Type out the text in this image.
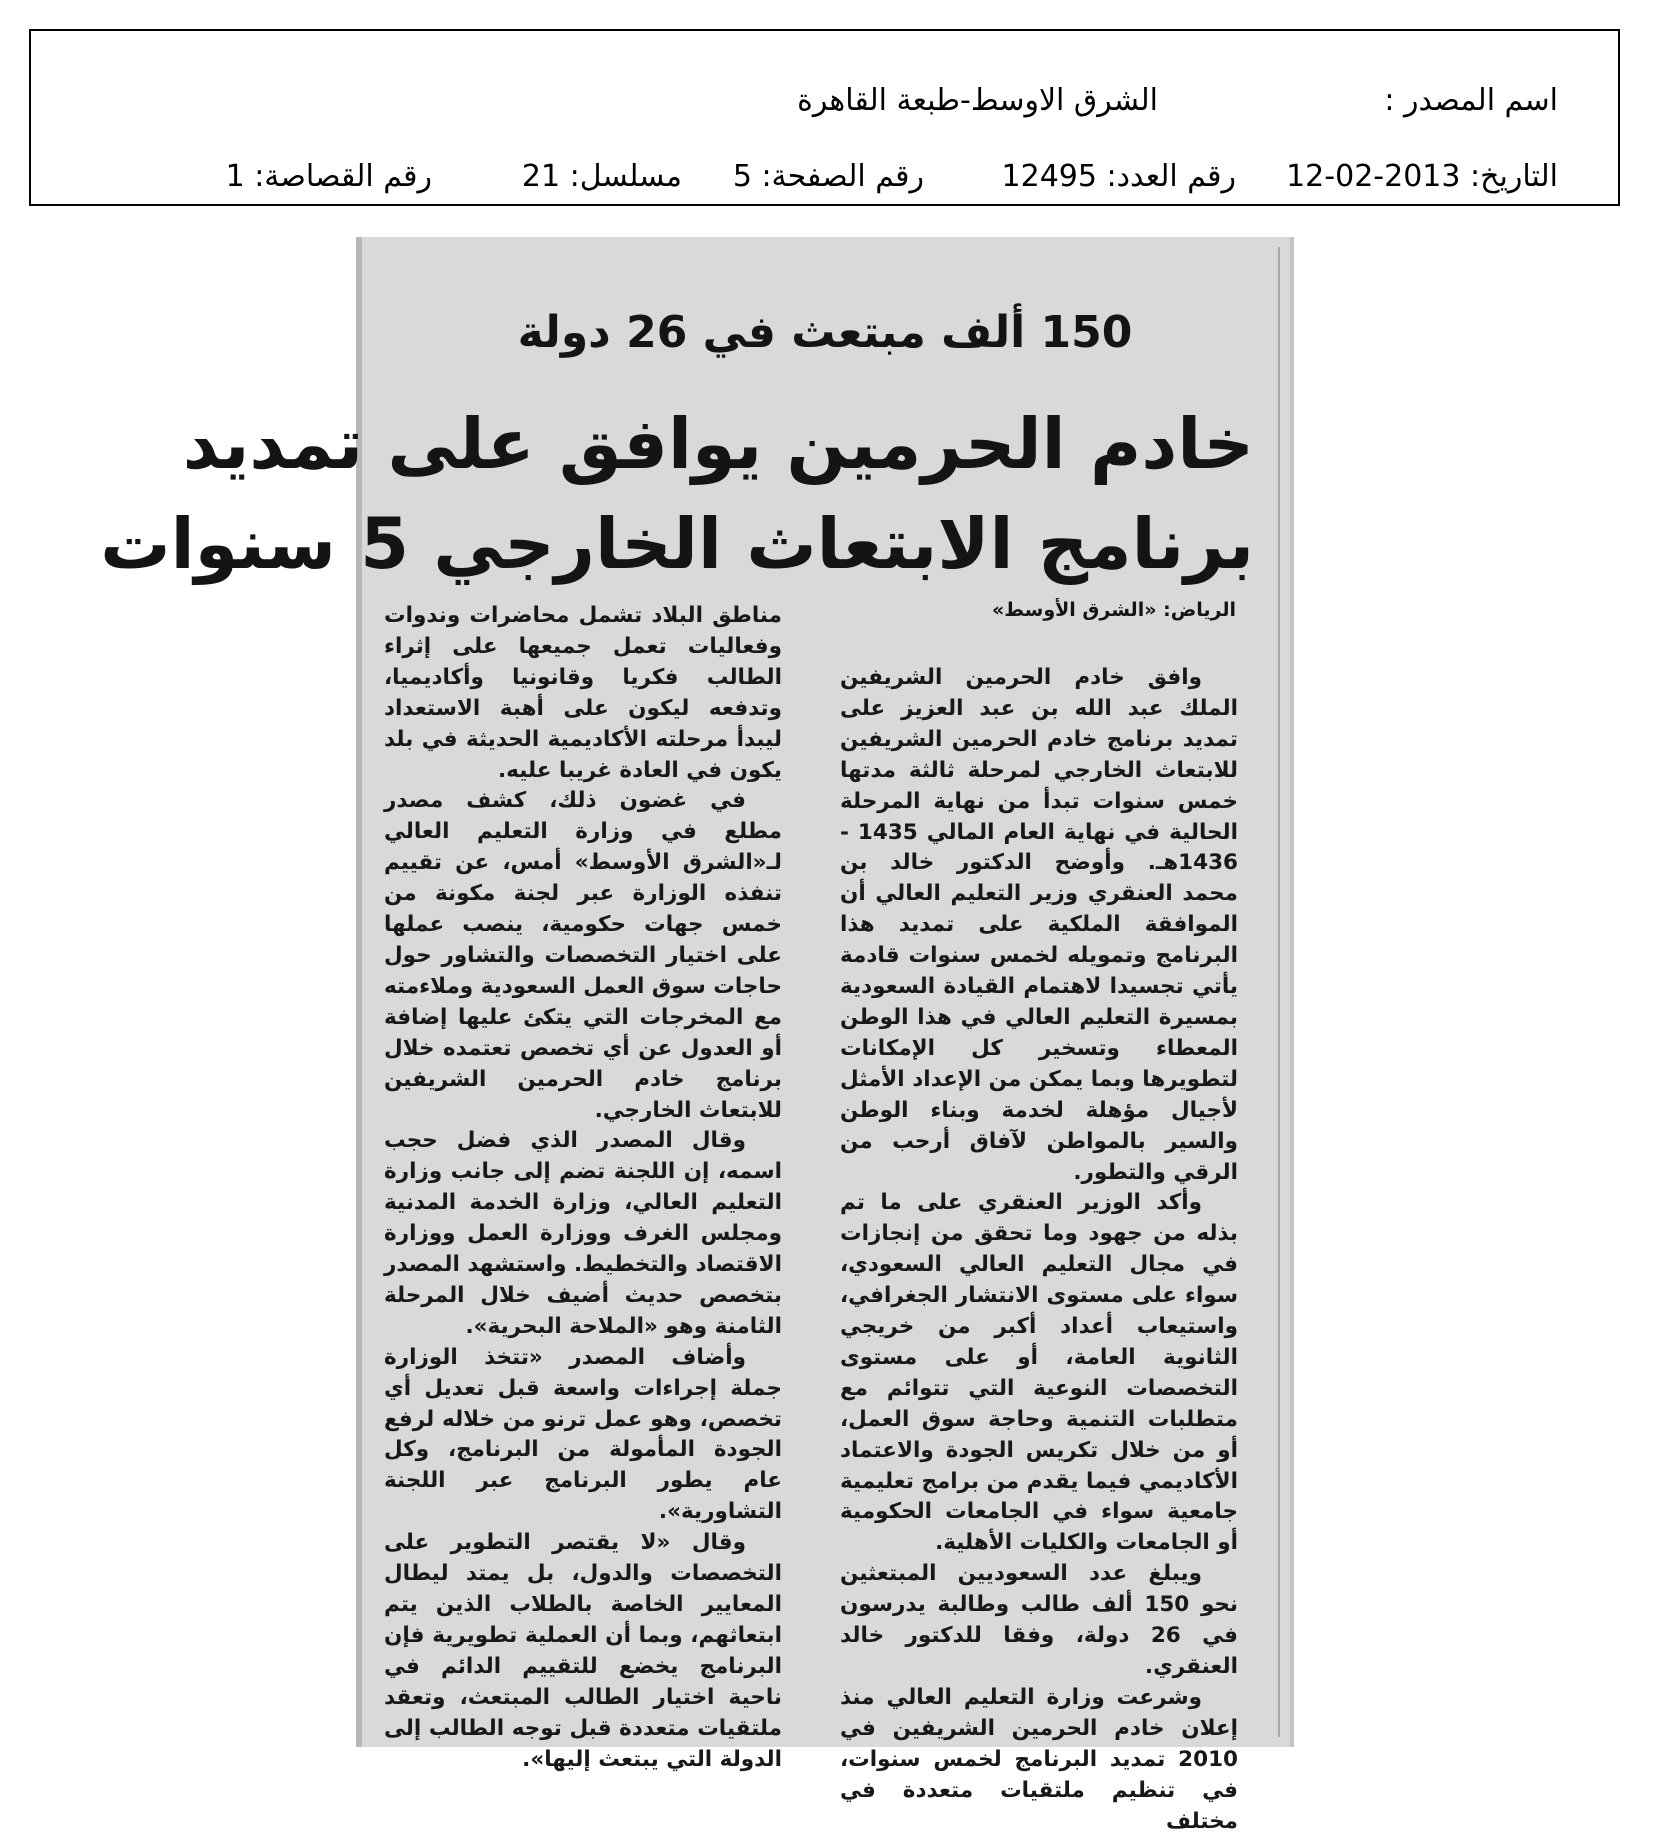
اسم المصدر :
الشرق الاوسط-طبعة القاهرة
التاريخ: 2013-02-12
رقم العدد: 12495
رقم الصفحة: 5
مسلسل: 21
رقم القصاصة: 1
150 ألف مبتعث في 26 دولة
خادم الحرمين يوافق على تمديد
برنامج الابتعاث الخارجي 5 سنوات
الرياض: «الشرق الأوسط»

وافق خادم الحرمين الشريفين الملك عبد الله بن عبد العزيز على تمديد برنامج خادم الحرمين الشريفين للابتعاث الخارجي لمرحلة ثالثة مدتها خمس سنوات تبدأ من نهاية المرحلة الحالية في نهاية العام المالي 1435 - 1436هـ. وأوضح الدكتور خالد بن محمد العنقري وزير التعليم العالي أن الموافقة الملكية على تمديد هذا البرنامج وتمويله لخمس سنوات قادمة يأتي تجسيدا لاهتمام القيادة السعودية بمسيرة التعليم العالي في هذا الوطن المعطاء وتسخير كل الإمكانات لتطويرها وبما يمكن من الإعداد الأمثل لأجيال مؤهلة لخدمة وبناء الوطن والسير بالمواطن لآفاق أرحب من الرقي والتطور.

وأكد الوزير العنقري على ما تم بذله من جهود وما تحقق من إنجازات في مجال التعليم العالي السعودي، سواء على مستوى الانتشار الجغرافي، واستيعاب أعداد أكبر من خريجي الثانوية العامة، أو على مستوى التخصصات النوعية التي تتوائم مع متطلبات التنمية وحاجة سوق العمل، أو من خلال تكريس الجودة والاعتماد الأكاديمي فيما يقدم من برامج تعليمية جامعية سواء في الجامعات الحكومية أو الجامعات والكليات الأهلية.

ويبلغ عدد السعوديين المبتعثين نحو 150 ألف طالب وطالبة يدرسون في 26 دولة، وفقا للدكتور خالد العنقري.

وشرعت وزارة التعليم العالي منذ إعلان خادم الحرمين الشريفين في 2010 تمديد البرنامج لخمس سنوات، في تنظيم ملتقيات متعددة في مختلف

مناطق البلاد تشمل محاضرات وندوات وفعاليات تعمل جميعها على إثراء الطالب فكريا وقانونيا وأكاديميا، وتدفعه ليكون على أهبة الاستعداد ليبدأ مرحلته الأكاديمية الحديثة في بلد يكون في العادة غريبا عليه.

في غضون ذلك، كشف مصدر مطلع في وزارة التعليم العالي لـ«الشرق الأوسط» أمس، عن تقييم تنفذه الوزارة عبر لجنة مكونة من خمس جهات حكومية، ينصب عملها على اختيار التخصصات والتشاور حول حاجات سوق العمل السعودية وملاءمته مع المخرجات التي يتكئ عليها إضافة أو العدول عن أي تخصص تعتمده خلال برنامج خادم الحرمين الشريفين للابتعاث الخارجي.

وقال المصدر الذي فضل حجب اسمه، إن اللجنة تضم إلى جانب وزارة التعليم العالي، وزارة الخدمة المدنية ومجلس الغرف ووزارة العمل ووزارة الاقتصاد والتخطيط. واستشهد المصدر بتخصص حديث أضيف خلال المرحلة الثامنة وهو «الملاحة البحرية».

وأضاف المصدر «تتخذ الوزارة جملة إجراءات واسعة قبل تعديل أي تخصص، وهو عمل ترنو من خلاله لرفع الجودة المأمولة من البرنامج، وكل عام يطور البرنامج عبر اللجنة التشاورية».

وقال «لا يقتصر التطوير على التخصصات والدول، بل يمتد ليطال المعايير الخاصة بالطلاب الذين يتم ابتعاثهم، وبما أن العملية تطويرية فإن البرنامج يخضع للتقييم الدائم في ناحية اختيار الطالب المبتعث، وتعقد ملتقيات متعددة قبل توجه الطالب إلى الدولة التي يبتعث إليها».
